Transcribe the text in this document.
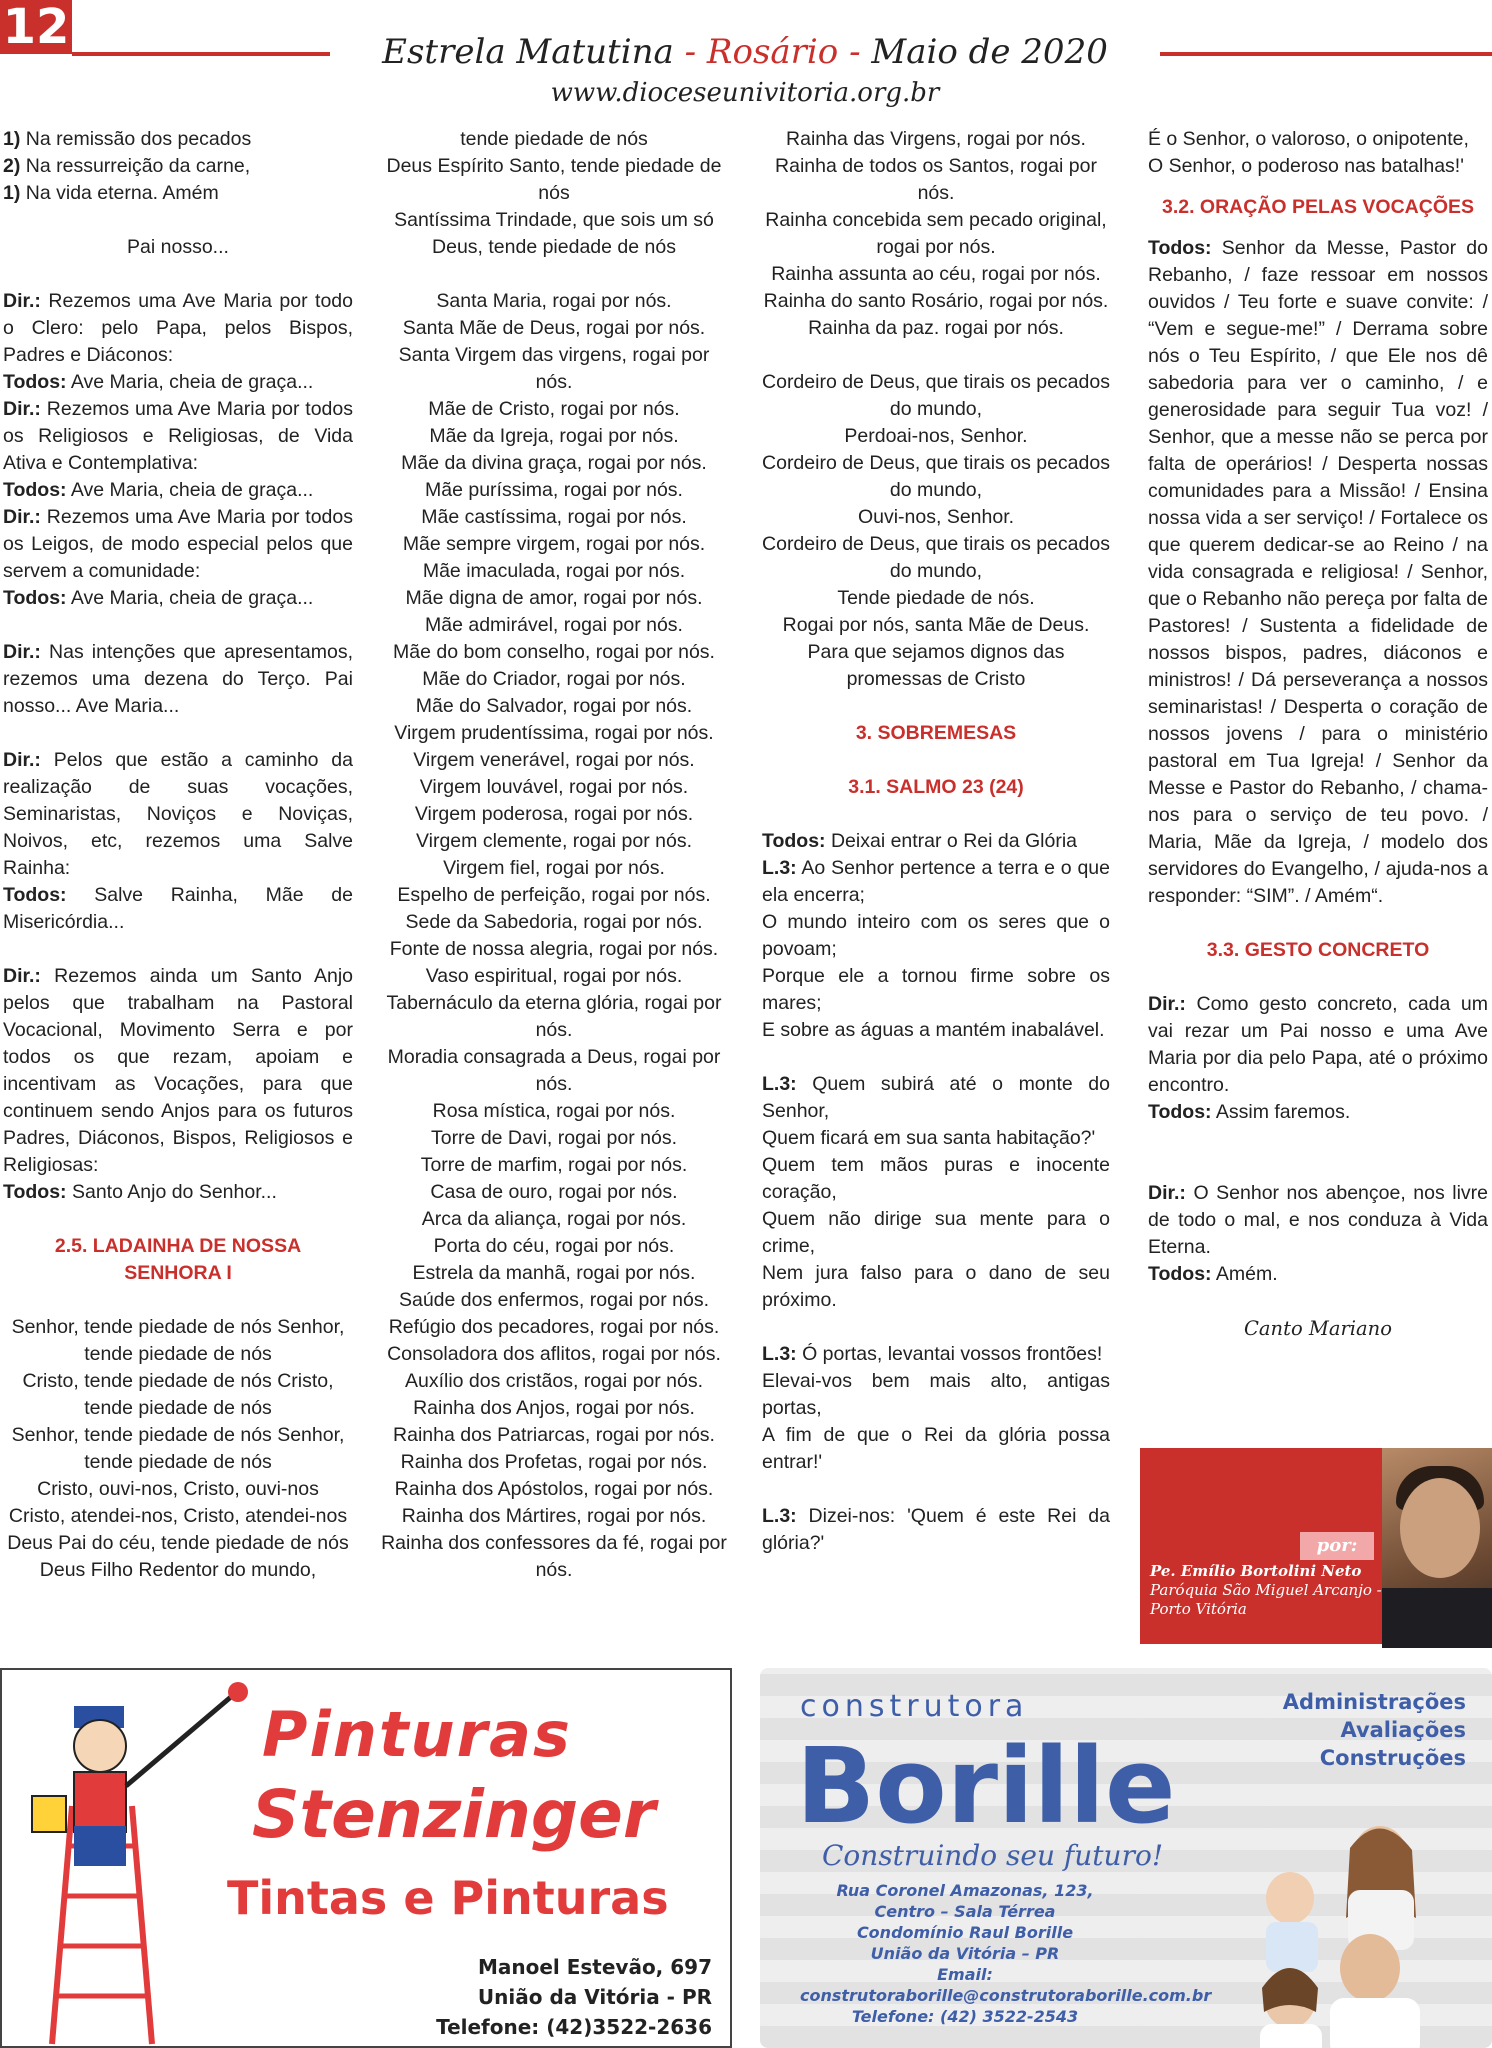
12	Estrela Matutina - Rosário - Maio de 2020
www.dioceseunivitoria.org.br

1) Na remissão dos pecados

2) Na ressurreição da carne,

1) Na vida eterna. Amém

Pai nosso...

Dir.: Rezemos uma Ave Maria por todo o Clero: pelo Papa, pelos Bispos, Padres e Diáconos:

Todos: Ave Maria, cheia de graça...

Dir.: Rezemos uma Ave Maria por todos os Religiosos e Religiosas, de Vida Ativa e Contemplativa:

Todos: Ave Maria, cheia de graça...

Dir.: Rezemos uma Ave Maria por todos os Leigos, de modo especial pelos que servem a comunidade:

Todos: Ave Maria, cheia de graça...

Dir.: Nas intenções que apresentamos, rezemos uma dezena do Terço. Pai nosso... Ave Maria...

Dir.: Pelos que estão a caminho da realização de suas vocações, Seminaristas, Noviços e Noviças, Noivos, etc, rezemos uma Salve Rainha:

Todos: Salve Rainha, Mãe de Misericórdia...

Dir.: Rezemos ainda um Santo Anjo pelos que trabalham na Pastoral Vocacional, Movimento Serra e por todos os que rezam, apoiam e incentivam as Vocações, para que continuem sendo Anjos para os futuros Padres, Diáconos, Bispos, Religiosos e Religiosas:

Todos: Santo Anjo do Senhor...

2.5. LADAINHA DE NOSSA SENHORA I

Senhor, tende piedade de nós Senhor, tende piedade de nós

Cristo, tende piedade de nós Cristo, tende piedade de nós

Senhor, tende piedade de nós Senhor, tende piedade de nós

Cristo, ouvi-nos, Cristo, ouvi-nos

Cristo, atendei-nos, Cristo, atendei-nos

Deus Pai do céu, tende piedade de nós

Deus Filho Redentor do mundo,

tende piedade de nós

Deus Espírito Santo, tende piedade de nós

Santíssima Trindade, que sois um só Deus, tende piedade de nós

Santa Maria, rogai por nós.

Santa Mãe de Deus, rogai por nós.

Santa Virgem das virgens, rogai por nós.

Mãe de Cristo, rogai por nós.

Mãe da Igreja, rogai por nós.

Mãe da divina graça, rogai por nós.

Mãe puríssima, rogai por nós.

Mãe castíssima, rogai por nós.

Mãe sempre virgem, rogai por nós.

Mãe imaculada, rogai por nós.

Mãe digna de amor, rogai por nós.

Mãe admirável, rogai por nós.

Mãe do bom conselho, rogai por nós.

Mãe do Criador, rogai por nós.

Mãe do Salvador, rogai por nós.

Virgem prudentíssima, rogai por nós.

Virgem venerável, rogai por nós.

Virgem louvável, rogai por nós.

Virgem poderosa, rogai por nós.

Virgem clemente, rogai por nós.

Virgem fiel, rogai por nós.

Espelho de perfeição, rogai por nós.

Sede da Sabedoria, rogai por nós.

Fonte de nossa alegria, rogai por nós.

Vaso espiritual, rogai por nós.

Tabernáculo da eterna glória, rogai por nós.

Moradia consagrada a Deus, rogai por nós.

Rosa mística, rogai por nós.

Torre de Davi, rogai por nós.

Torre de marfim, rogai por nós.

Casa de ouro, rogai por nós.

Arca da aliança, rogai por nós.

Porta do céu, rogai por nós.

Estrela da manhã, rogai por nós.

Saúde dos enfermos, rogai por nós.

Refúgio dos pecadores, rogai por nós.

Consoladora dos aflitos, rogai por nós.

Auxílio dos cristãos, rogai por nós.

Rainha dos Anjos, rogai por nós.

Rainha dos Patriarcas, rogai por nós.

Rainha dos Profetas, rogai por nós.

Rainha dos Apóstolos, rogai por nós.

Rainha dos Mártires, rogai por nós.

Rainha dos confessores da fé, rogai por nós.

Rainha das Virgens, rogai por nós.

Rainha de todos os Santos, rogai por nós.

Rainha concebida sem pecado original, rogai por nós.

Rainha assunta ao céu, rogai por nós.

Rainha do santo Rosário, rogai por nós.

Rainha da paz. rogai por nós.

Cordeiro de Deus, que tirais os pecados do mundo,

Perdoai-nos, Senhor.

Cordeiro de Deus, que tirais os pecados do mundo,

Ouvi-nos, Senhor.

Cordeiro de Deus, que tirais os pecados do mundo,

Tende piedade de nós.

Rogai por nós, santa Mãe de Deus.

Para que sejamos dignos das promessas de Cristo

3. SOBREMESAS

3.1. SALMO 23 (24)

Todos: Deixai entrar o Rei da Glória

L.3: Ao Senhor pertence a terra e o que ela encerra;

O mundo inteiro com os seres que o povoam;

Porque ele a tornou firme sobre os mares;

E sobre as águas a mantém inabalável.

L.3: Quem subirá até o monte do Senhor,

Quem ficará em sua santa habitação?'

Quem tem mãos puras e inocente coração,

Quem não dirige sua mente para o crime,

Nem jura falso para o dano de seu próximo.

L.3: Ó portas, levantai vossos frontões!

Elevai-vos bem mais alto, antigas portas,

A fim de que o Rei da glória possa entrar!'

L.3: Dizei-nos: 'Quem é este Rei da glória?'

É o Senhor, o valoroso, o onipotente, O Senhor, o poderoso nas batalhas!'

3.2. ORAÇÃO PELAS VOCAÇÕES

Todos: Senhor da Messe, Pastor do Rebanho, / faze ressoar em nossos ouvidos / Teu forte e suave convite: / “Vem e segue-me!” / Derrama sobre nós o Teu Espírito, / que Ele nos dê sabedoria para ver o caminho, / e generosidade para seguir Tua voz! / Senhor, que a messe não se perca por falta de operários! / Desperta nossas comunidades para a Missão! / Ensina nossa vida a ser serviço! / Fortalece os que querem dedicar-se ao Reino / na vida consagrada e religiosa! / Senhor, que o Rebanho não pereça por falta de Pastores! / Sustenta a fidelidade de nossos bispos, padres, diáconos e ministros! / Dá perseverança a nossos seminaristas! / Desperta o coração de nossos jovens / para o ministério pastoral em Tua Igreja! / Senhor da Messe e Pastor do Rebanho, / chama-nos para o serviço de teu povo. / Maria, Mãe da Igreja, / modelo dos servidores do Evangelho, / ajuda-nos a responder: “SIM”. / Amém“.

3.3. GESTO CONCRETO

Dir.: Como gesto concreto, cada um vai rezar um Pai nosso e uma Ave Maria por dia pelo Papa, até o próximo encontro.

Todos: Assim faremos.

Dir.: O Senhor nos abençoe, nos livre de todo o mal, e nos conduza à Vida Eterna.

Todos: Amém.

Canto Mariano

por:
Pe. Emílio Bortolini Neto
Paróquia São Miguel Arcanjo - Porto Vitória
Pinturas
Stenzinger
Tintas e Pinturas
Manoel Estevão, 697
União da Vitória - PR
Telefone: (42)3522-2636
construtora
Borille
Construindo seu futuro!
Rua Coronel Amazonas, 123,
Centro – Sala Térrea
Condomínio Raul Borille
União da Vitória – PR
Email:
construtoraborille@construtoraborille.com.br
Telefone: (42) 3522-2543
Administrações
Avaliações
Construções
